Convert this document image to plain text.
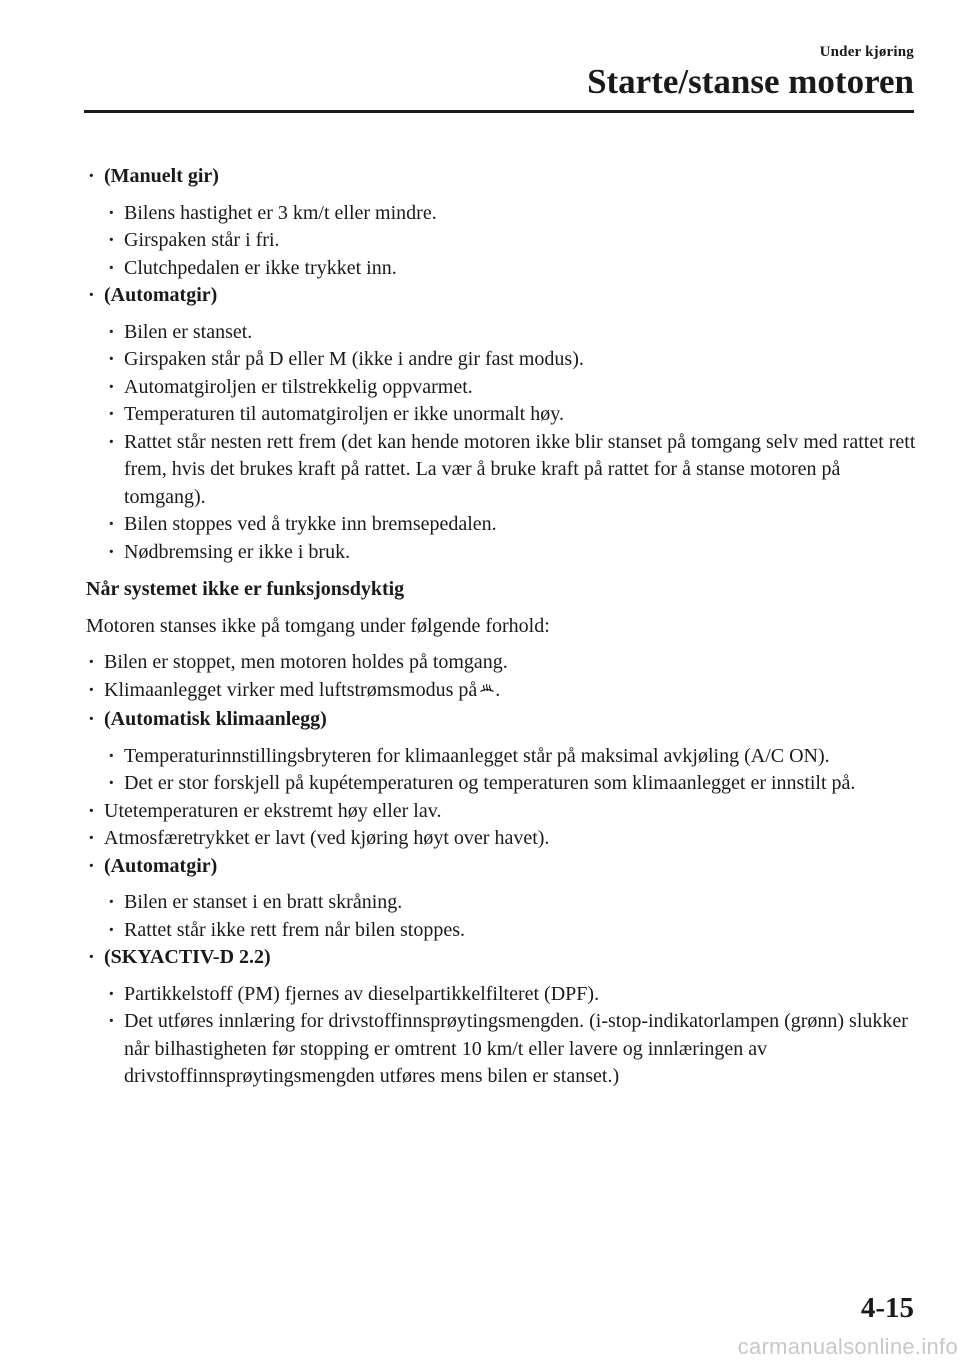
Under kjøring
Starte/stanse motoren
· (Manuelt gir)
· Bilens hastighet er 3 km/t eller mindre.
· Girspaken står i fri.
· Clutchpedalen er ikke trykket inn.
· (Automatgir)
· Bilen er stanset.
· Girspaken står på D eller M (ikke i andre gir fast modus).
· Automatgiroljen er tilstrekkelig oppvarmet.
· Temperaturen til automatgiroljen er ikke unormalt høy.
· Rattet står nesten rett frem (det kan hende motoren ikke blir stanset på tomgang selv med rattet rett frem, hvis det brukes kraft på rattet. La vær å bruke kraft på rattet for å stanse motoren på tomgang).
· Bilen stoppes ved å trykke inn bremsepedalen.
· Nødbremsing er ikke i bruk.
Når systemet ikke er funksjonsdyktig
Motoren stanses ikke på tomgang under følgende forhold:
· Bilen er stoppet, men motoren holdes på tomgang.
· Klimaanlegget virker med luftstrømsmodus på .
· (Automatisk klimaanlegg)
· Temperaturinnstillingsbryteren for klimaanlegget står på maksimal avkjøling (A/C ON).
· Det er stor forskjell på kupétemperaturen og temperaturen som klimaanlegget er innstilt på.
· Utetemperaturen er ekstremt høy eller lav.
· Atmosfæretrykket er lavt (ved kjøring høyt over havet).
· (Automatgir)
· Bilen er stanset i en bratt skråning.
· Rattet står ikke rett frem når bilen stoppes.
· (SKYACTIV-D 2.2)
· Partikkelstoff (PM) fjernes av dieselpartikkelfilteret (DPF).
· Det utføres innlæring for drivstoffinnsprøytingsmengden. (i-stop-indikatorlampen (grønn) slukker når bilhastigheten før stopping er omtrent 10 km/t eller lavere og innlæringen av drivstoffinnsprøytingsmengden utføres mens bilen er stanset.)
4-15
carmanualsonline.info
